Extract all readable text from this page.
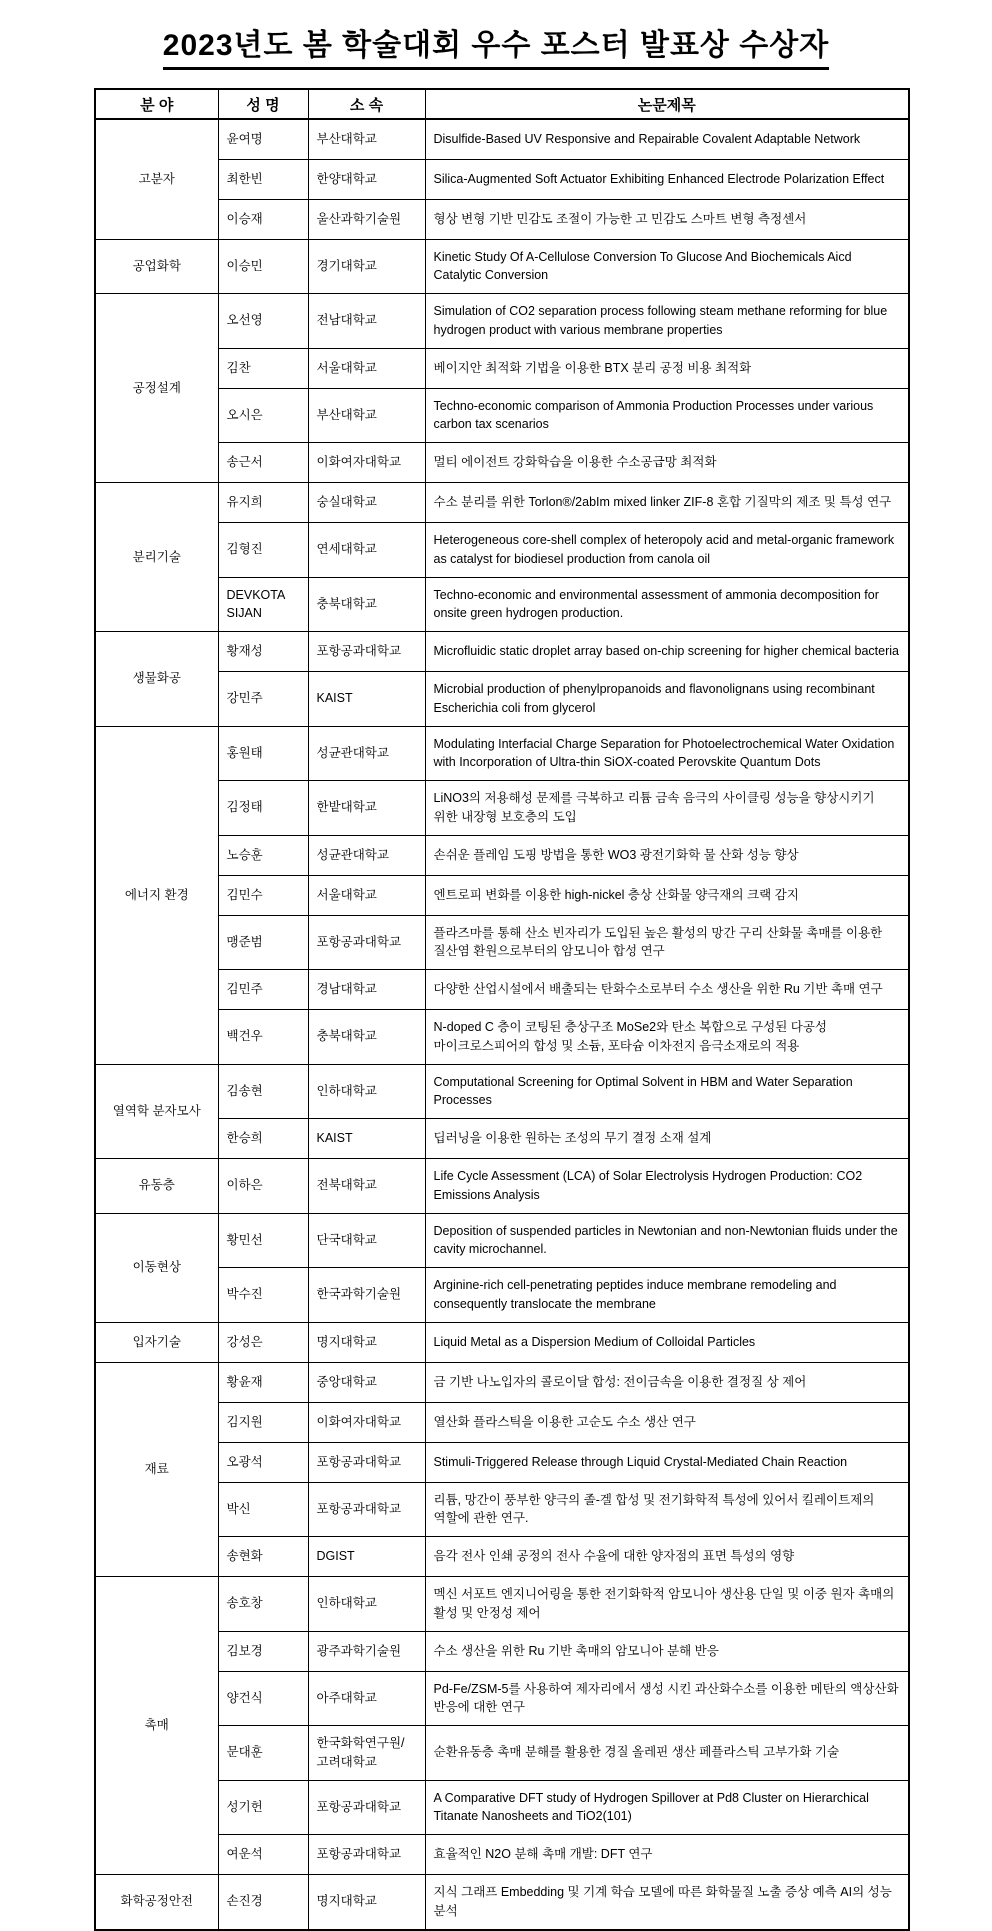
2023년도 봄 학술대회 우수 포스터 발표상 수상자
분 야	성 명	소 속	논문제목
고분자	윤여명	부산대학교	Disulfide-Based UV Responsive and Repairable Covalent Adaptable Network
	최한빈	한양대학교	Silica-Augmented Soft Actuator Exhibiting Enhanced Electrode Polarization Effect
	이승재	울산과학기술원	형상 변형 기반 민감도 조절이 가능한 고 민감도 스마트 변형 측정센서
공업화학	이승민	경기대학교	Kinetic Study Of A-Cellulose Conversion To Glucose And Biochemicals Aicd Catalytic Conversion
공정설계	오선영	전남대학교	Simulation of CO2 separation process following steam methane reforming for blue hydrogen product with various membrane properties
	김찬	서울대학교	베이지안 최적화 기법을 이용한 BTX 분리 공정 비용 최적화
	오시은	부산대학교	Techno-economic comparison of Ammonia Production Processes under various carbon tax scenarios
	송근서	이화여자대학교	멀티 에이전트 강화학습을 이용한 수소공급망 최적화
분리기술	유지희	숭실대학교	수소 분리를 위한 Torlon®/2abIm mixed linker ZIF-8 혼합 기질막의 제조 및 특성 연구
	김형진	연세대학교	Heterogeneous core-shell complex of heteropoly acid and metal-organic framework as catalyst for biodiesel production from canola oil
	DEVKOTA SIJAN	충북대학교	Techno-economic and environmental assessment of ammonia decomposition for onsite green hydrogen production.
생물화공	황재성	포항공과대학교	Microfluidic static droplet array based on-chip screening for higher chemical bacteria
	강민주	KAIST	Microbial production of phenylpropanoids and flavonolignans using recombinant Escherichia coli from glycerol
에너지 환경	홍원태	성균관대학교	Modulating Interfacial Charge Separation for Photoelectrochemical Water Oxidation with Incorporation of Ultra-thin SiOX-coated Perovskite Quantum Dots
	김정태	한밭대학교	LiNO3의 저용해성 문제를 극복하고 리튬 금속 음극의 사이클링 성능을 향상시키기 위한 내장형 보호층의 도입
	노승훈	성균관대학교	손쉬운 플레임 도핑 방법을 통한 WO3 광전기화학 물 산화 성능 향상
	김민수	서울대학교	엔트로피 변화를 이용한 high-nickel 층상 산화물 양극재의 크랙 감지
	맹준범	포항공과대학교	플라즈마를 통해 산소 빈자리가 도입된 높은 활성의 망간 구리 산화물 촉매를 이용한 질산염 환원으로부터의 암모니아 합성 연구
	김민주	경남대학교	다양한 산업시설에서 배출되는 탄화수소로부터 수소 생산을 위한 Ru 기반 촉매 연구
	백건우	충북대학교	N-doped C 층이 코팅된 층상구조 MoSe2와 탄소 복합으로 구성된 다공성 마이크로스피어의 합성 및 소듐, 포타슘 이차전지 음극소재로의 적용
열역학 분자모사	김송현	인하대학교	Computational Screening for Optimal Solvent in HBM and Water Separation Processes
	한승희	KAIST	딥러닝을 이용한 원하는 조성의 무기 결정 소재 설계
유동층	이하은	전북대학교	Life Cycle Assessment (LCA) of Solar Electrolysis Hydrogen Production: CO2 Emissions Analysis
이동현상	황민선	단국대학교	Deposition of suspended particles in Newtonian and non-Newtonian fluids under the cavity microchannel.
	박수진	한국과학기술원	Arginine-rich cell-penetrating peptides induce membrane remodeling and consequently translocate the membrane
입자기술	강성은	명지대학교	Liquid Metal as a Dispersion Medium of Colloidal Particles
재료	황윤재	중앙대학교	금 기반 나노입자의 콜로이달 합성: 전이금속을 이용한 결정질 상 제어
	김지원	이화여자대학교	열산화 플라스틱을 이용한 고순도 수소 생산 연구
	오광석	포항공과대학교	Stimuli-Triggered Release through Liquid Crystal-Mediated Chain Reaction
	박신	포항공과대학교	리튬, 망간이 풍부한 양극의 졸-겔 합성 및 전기화학적 특성에 있어서 킬레이트제의 역할에 관한 연구.
	송현화	DGIST	음각 전사 인쇄 공정의 전사 수율에 대한 양자점의 표면 특성의 영향
촉매	송호창	인하대학교	멕신 서포트 엔지니어링을 통한 전기화학적 암모니아 생산용 단일 및 이중 원자 촉매의 활성 및 안정성 제어
	김보경	광주과학기술원	수소 생산을 위한 Ru 기반 촉매의 암모니아 분해 반응
	양건식	아주대학교	Pd-Fe/ZSM-5를 사용하여 제자리에서 생성 시킨 과산화수소를 이용한 메탄의 액상산화 반응에 대한 연구
	문대훈	한국화학연구원/고려대학교	순환유동층 촉매 분해를 활용한 경질 올레핀 생산 페플라스틱 고부가화 기술
	성기헌	포항공과대학교	A Comparative DFT study of Hydrogen Spillover at Pd8 Cluster on Hierarchical Titanate Nanosheets and TiO2(101)
	여운석	포항공과대학교	효율적인 N2O 분해 촉매 개발: DFT 연구
화학공정안전	손진경	명지대학교	지식 그래프 Embedding 및 기계 학습 모델에 따른 화학물질 노출 증상 예측 AI의 성능 분석
